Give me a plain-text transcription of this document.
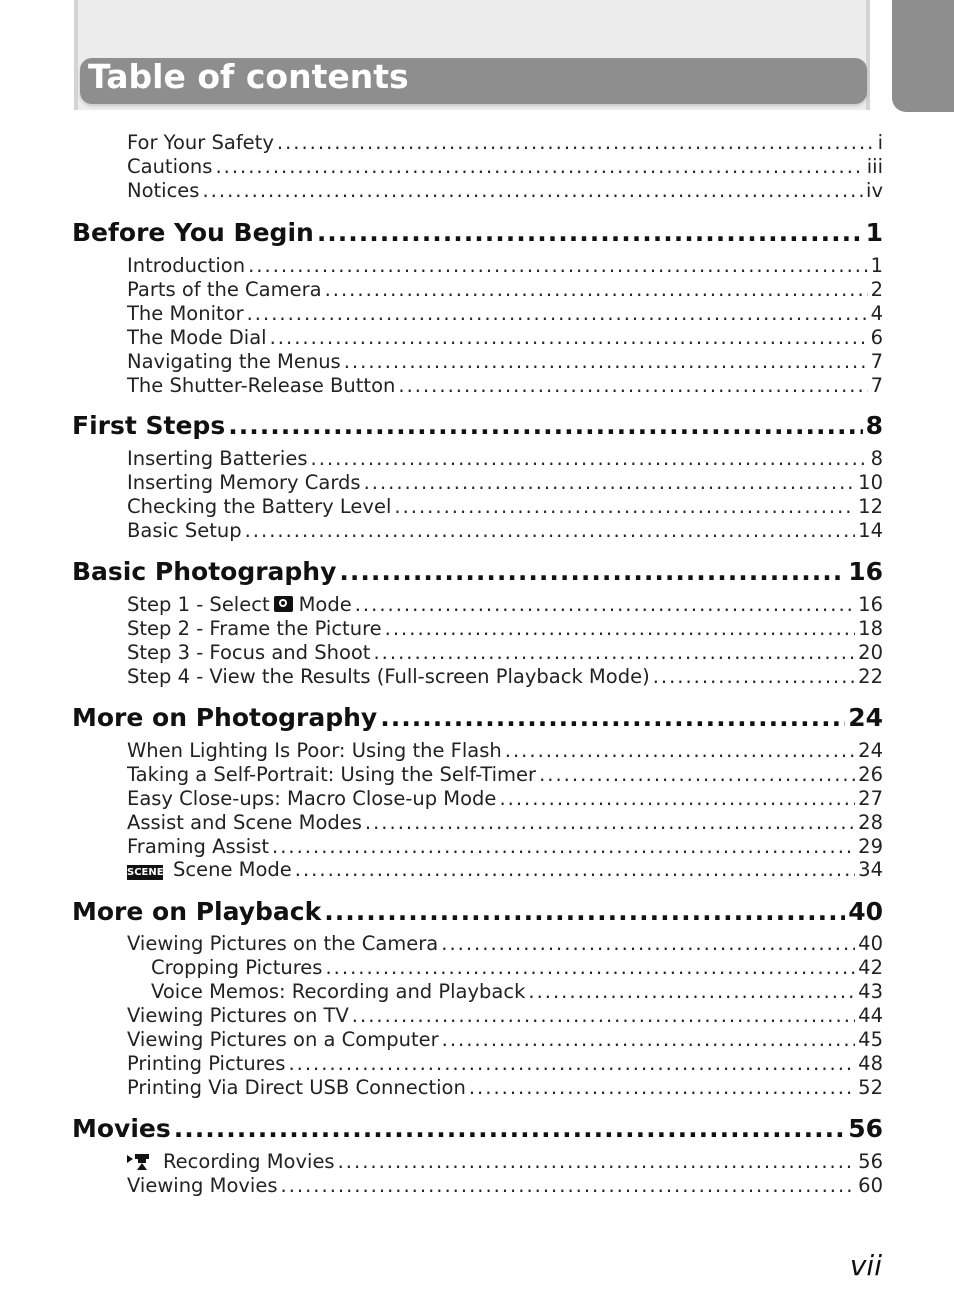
Table of contents
For Your Safety .....	i
Cautions .....	iii
Notices .....	iv
Before You Begin .....	1
Introduction .....	1
Parts of the Camera .....	2
The Monitor .....	4
The Mode Dial .....	6
Navigating the Menus .....	7
The Shutter-Release Button .....	7
First Steps .....	8
Inserting Batteries .....	8
Inserting Memory Cards .....	10
Checking the Battery Level .....	12
Basic Setup .....	14
Basic Photography .....	16
Step 1 - Select Mode .....	16
Step 2 - Frame the Picture .....	18
Step 3 - Focus and Shoot .....	20
Step 4 - View the Results (Full-screen Playback Mode) .....	22
More on Photography .....	24
When Lighting Is Poor: Using the Flash .....	24
Taking a Self-Portrait: Using the Self-Timer .....	26
Easy Close-ups: Macro Close-up Mode .....	27
Assist and Scene Modes .....	28
Framing Assist .....	29
SCENE Scene Mode .....	34
More on Playback .....	40
Viewing Pictures on the Camera .....	40
Cropping Pictures .....	42
Voice Memos: Recording and Playback .....	43
Viewing Pictures on TV .....	44
Viewing Pictures on a Computer .....	45
Printing Pictures .....	48
Printing Via Direct USB Connection .....	52
Movies .....	56
Recording Movies .....	56
Viewing Movies .....	60
vii
